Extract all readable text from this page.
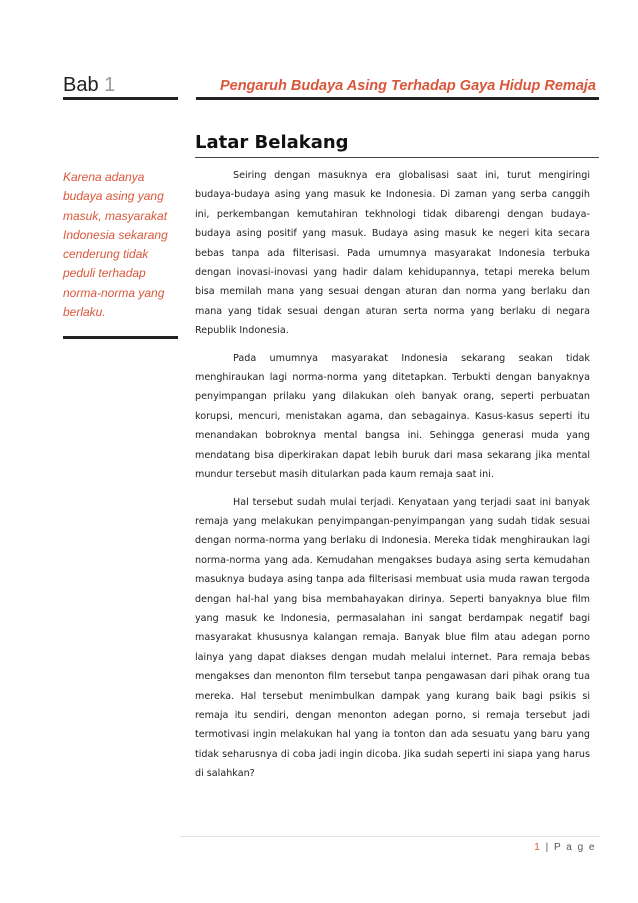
Bab 1	Pengaruh Budaya Asing Terhadap Gaya Hidup Remaja
Latar Belakang
Karena adanya budaya asing yang masuk, masyarakat Indonesia sekarang cenderung tidak peduli terhadap norma-norma yang berlaku.

Seiring dengan masuknya era globalisasi saat ini, turut mengiringi budaya-budaya asing yang masuk ke Indonesia. Di zaman yang serba canggih ini, perkembangan kemutahiran tekhnologi tidak dibarengi dengan budaya-budaya asing positif yang masuk. Budaya asing masuk ke negeri kita secara bebas tanpa ada filterisasi. Pada umumnya masyarakat Indonesia terbuka dengan inovasi-inovasi yang hadir dalam kehidupannya, tetapi mereka belum bisa memilah mana yang sesuai dengan aturan dan norma yang berlaku dan mana yang tidak sesuai dengan aturan serta norma yang berlaku di negara Republik Indonesia.

Pada umumnya masyarakat Indonesia sekarang seakan tidak menghiraukan lagi norma-norma yang ditetapkan. Terbukti dengan banyaknya penyimpangan prilaku yang dilakukan oleh banyak orang, seperti perbuatan korupsi, mencuri, menistakan agama, dan sebagainya. Kasus-kasus seperti itu menandakan bobroknya mental bangsa ini. Sehingga generasi muda yang mendatang bisa diperkirakan dapat lebih buruk dari masa sekarang jika mental mundur tersebut masih ditularkan pada kaum remaja saat ini.

Hal tersebut sudah mulai terjadi. Kenyataan yang terjadi saat ini banyak remaja yang melakukan penyimpangan-penyimpangan yang sudah tidak sesuai dengan norma-norma yang berlaku di Indonesia. Mereka tidak menghiraukan lagi norma-norma yang ada. Kemudahan mengakses budaya asing serta kemudahan masuknya budaya asing tanpa ada filterisasi membuat usia muda rawan tergoda dengan hal-hal yang bisa membahayakan dirinya. Seperti banyaknya blue film yang masuk ke Indonesia, permasalahan ini sangat berdampak negatif bagi masyarakat khususnya kalangan remaja. Banyak blue film atau adegan porno lainya yang dapat diakses dengan mudah melalui internet. Para remaja bebas mengakses dan menonton film tersebut tanpa pengawasan dari pihak orang tua mereka. Hal tersebut menimbulkan dampak yang kurang baik bagi psikis si remaja itu sendiri, dengan menonton adegan porno, si remaja tersebut jadi termotivasi ingin melakukan hal yang ia tonton dan ada sesuatu yang baru yang tidak seharusnya di coba jadi ingin dicoba. Jika sudah seperti ini siapa yang harus di salahkan?

1 | P a g e
